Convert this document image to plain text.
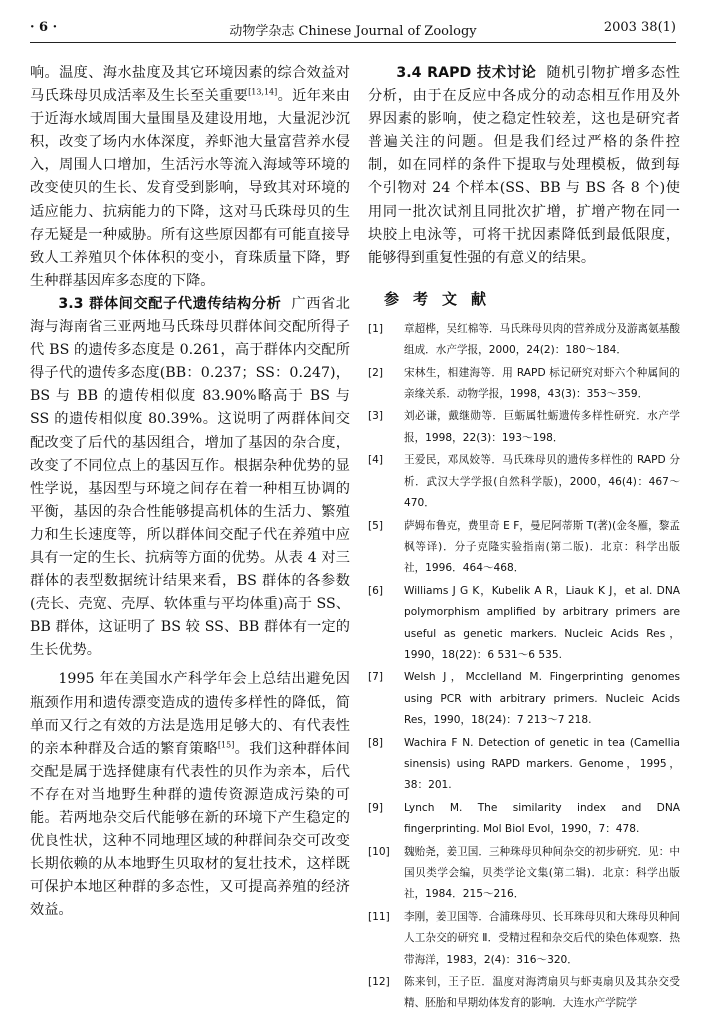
· 6 ·	动物学杂志 Chinese Journal of Zoology	2003 38(1)

响。温度、海水盐度及其它环境因素的综合效益对马氏珠母贝成活率及生长至关重要[13,14]。近年来由于近海水域周围大量围垦及建设用地，大量泥沙沉积，改变了场内水体深度，养虾池大量富营养水侵入，周围人口增加，生活污水等流入海域等环境的改变使贝的生长、发育受到影响，导致其对环境的适应能力、抗病能力的下降，这对马氏珠母贝的生存无疑是一种威胁。所有这些原因都有可能直接导致人工养殖贝个体体积的变小，育珠质量下降，野生种群基因库多态度的下降。

3.3 群体间交配子代遗传结构分析 广西省北海与海南省三亚两地马氏珠母贝群体间交配所得子代 BS 的遗传多态度是 0.261，高于群体内交配所得子代的遗传多态度(BB：0.237；SS：0.247)，BS 与 BB 的遗传相似度 83.90%略高于 BS 与 SS 的遗传相似度 80.39%。这说明了两群体间交配改变了后代的基因组合，增加了基因的杂合度，改变了不同位点上的基因互作。根据杂种优势的显性学说，基因型与环境之间存在着一种相互协调的平衡，基因的杂合性能够提高机体的生活力、繁殖力和生长速度等，所以群体间交配子代在养殖中应具有一定的生长、抗病等方面的优势。从表 4 对三群体的表型数据统计结果来看，BS 群体的各参数(壳长、壳宽、壳厚、软体重与平均体重)高于 SS、BB 群体，这证明了 BS 较 SS、BB 群体有一定的生长优势。

1995 年在美国水产科学年会上总结出避免因瓶颈作用和遗传漂变造成的遗传多样性的降低，简单而又行之有效的方法是选用足够大的、有代表性的亲本种群及合适的繁育策略[15]。我们这种群体间交配是属于选择健康有代表性的贝作为亲本，后代不存在对当地野生种群的遗传资源造成污染的可能。若两地杂交后代能够在新的环境下产生稳定的优良性状，这种不同地理区域的种群间杂交可改变长期依赖的从本地野生贝取材的复壮技术，这样既可保护本地区种群的多态性，又可提高养殖的经济效益。

3.4 RAPD 技术讨论 随机引物扩增多态性分析，由于在反应中各成分的动态相互作用及外界因素的影响，使之稳定性较差，这也是研究者普遍关注的问题。但是我们经过严格的条件控制，如在同样的条件下提取与处理模板，做到每个引物对 24 个样本(SS、BB 与 BS 各 8 个)使用同一批次试剂且同批次扩增，扩增产物在同一块胶上电泳等，可将干扰因素降低到最低限度，能够得到重复性强的有意义的结果。

参考文献
[1] 章超桦，吴红棉等．马氏珠母贝肉的营养成分及游离氨基酸组成．水产学报，2000，24(2)：180～184．
[2] 宋林生，相建海等．用 RAPD 标记研究对虾六个种属间的亲缘关系．动物学报，1998，43(3)：353～359．
[3] 刘必谦，戴继勋等．巨蛎属牡蛎遗传多样性研究．水产学报，1998，22(3)：193～198．
[4] 王爱民，邓凤姣等．马氏珠母贝的遗传多样性的 RAPD 分析．武汉大学学报(自然科学版)，2000，46(4)：467～470．
[5] 萨姆布鲁克，费里奇 E F，曼尼阿蒂斯 T(著)(金冬雁，黎孟枫等译)．分子克隆实验指南(第二版)．北京：科学出版社，1996．464～468．
[6] Williams J G K，Kubelik A R，Liauk K J，et al. DNA polymorphism amplified by arbitrary primers are useful as genetic markers. Nucleic Acids Res，1990，18(22)：6 531～6 535.
[7] Welsh J，Mcclelland M. Fingerprinting genomes using PCR with arbitrary primers. Nucleic Acids Res，1990，18(24)：7 213～7 218.
[8] Wachira F N. Detection of genetic in tea (Camellia sinensis) using RAPD markers. Genome，1995，38：201.
[9] Lynch M. The similarity index and DNA fingerprinting. Mol Biol Evol，1990，7：478.
[10] 魏贻尧，姜卫国．三种珠母贝种间杂交的初步研究．见：中国贝类学会编，贝类学论文集(第二辑)．北京：科学出版社，1984．215～216．
[11] 李刚，姜卫国等．合浦珠母贝、长耳珠母贝和大珠母贝种间人工杂交的研究 Ⅱ．受精过程和杂交后代的染色体观察．热带海洋，1983，2(4)：316～320．
[12] 陈来钊，王子臣．温度对海湾扇贝与虾夷扇贝及其杂交受精、胚胎和早期幼体发育的影响．大连水产学院学
